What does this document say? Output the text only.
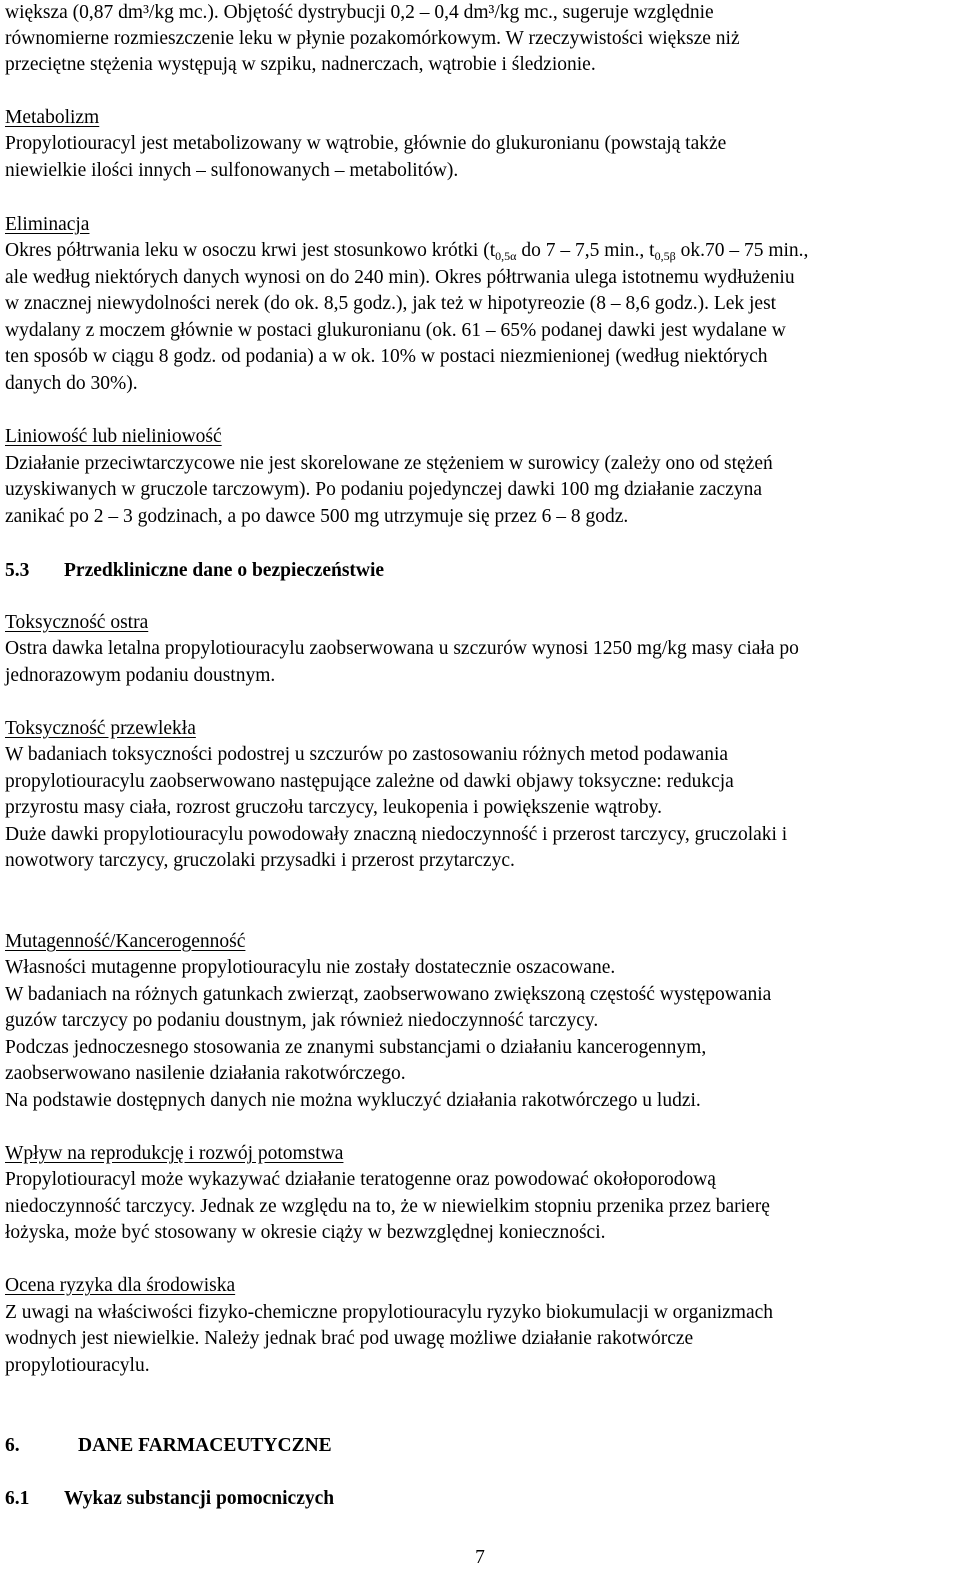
większa (0,87 dm³/kg mc.). Objętość dystrybucji 0,2 – 0,4 dm³/kg mc., sugeruje względnie
równomierne rozmieszczenie leku w płynie pozakomórkowym. W rzeczywistości większe niż
przeciętne stężenia występują w szpiku, nadnerczach, wątrobie i śledzionie.
Metabolizm
Propylotiouracyl jest metabolizowany w wątrobie, głównie do glukuronianu (powstają także
niewielkie ilości innych – sulfonowanych – metabolitów).
Eliminacja
Okres półtrwania leku w osoczu krwi jest stosunkowo krótki ($t_{0,5\alpha}$ do 7 – 7,5 min., $t_{0,5\beta}$ ok.70 – 75 min.,
ale według niektórych danych wynosi on do 240 min). Okres półtrwania ulega istotnemu wydłużeniu
w znacznej niewydolności nerek (do ok. 8,5 godz.), jak też w hipotyreozie (8 – 8,6 godz.). Lek jest
wydalany z moczem głównie w postaci glukuronianu (ok. 61 – 65% podanej dawki jest wydalane w
ten sposób w ciągu 8 godz. od podania) a w ok. 10% w postaci niezmienionej (według niektórych
danych do 30%).
Liniowość lub nieliniowość
Działanie przeciwtarczycowe nie jest skorelowane ze stężeniem w surowicy (zależy ono od stężeń
uzyskiwanych w gruczole tarczowym). Po podaniu pojedynczej dawki 100 mg działanie zaczyna
zanikać po 2 – 3 godzinach, a po dawce 500 mg utrzymuje się przez 6 – 8 godz.
5.3 Przedkliniczne dane o bezpieczeństwie
Toksyczność ostra
Ostra dawka letalna propylotiouracylu zaobserwowana u szczurów wynosi 1250 mg/kg masy ciała po
jednorazowym podaniu doustnym.
Toksyczność przewlekła
W badaniach toksyczności podostrej u szczurów po zastosowaniu różnych metod podawania
propylotiouracylu zaobserwowano następujące zależne od dawki objawy toksyczne: redukcja
przyrostu masy ciała, rozrost gruczołu tarczycy, leukopenia i powiększenie wątroby.
Duże dawki propylotiouracylu powodowały znaczną niedoczynność i przerost tarczycy, gruczolaki i
nowotwory tarczycy, gruczolaki przysadki i przerost przytarczyc.
Mutagenność/Kancerogenność
Własności mutagenne propylotiouracylu nie zostały dostatecznie oszacowane.
W badaniach na różnych gatunkach zwierząt, zaobserwowano zwiększoną częstość występowania
guzów tarczycy po podaniu doustnym, jak również niedoczynność tarczycy.
Podczas jednoczesnego stosowania ze znanymi substancjami o działaniu kancerogennym,
zaobserwowano nasilenie działania rakotwórczego.
Na podstawie dostępnych danych nie można wykluczyć działania rakotwórczego u ludzi.
Wpływ na reprodukcję i rozwój potomstwa
Propylotiouracyl może wykazywać działanie teratogenne oraz powodować okołoporodową
niedoczynność tarczycy. Jednak ze względu na to, że w niewielkim stopniu przenika przez barierę
łożyska, może być stosowany w okresie ciąży w bezwzględnej konieczności.
Ocena ryzyka dla środowiska
Z uwagi na właściwości fizyko-chemiczne propylotiouracylu ryzyko biokumulacji w organizmach
wodnych jest niewielkie. Należy jednak brać pod uwagę możliwe działanie rakotwórcze
propylotiouracylu.
6.	DANE FARMACEUTYCZNE
6.1 Wykaz substancji pomocniczych
7
